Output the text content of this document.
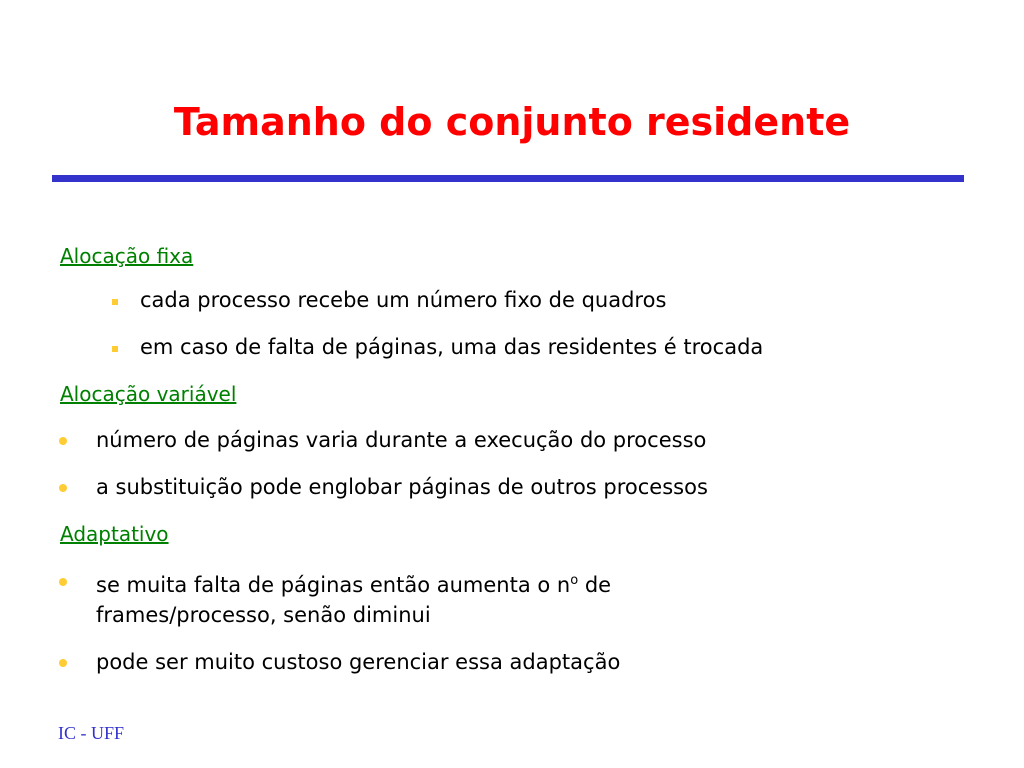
Tamanho do conjunto residente
Alocação fixa
cada processo recebe um número fixo de quadros
em caso de falta de páginas, uma das residentes é trocada
Alocação variável
número de páginas varia durante a execução do processo
a substituição pode englobar páginas de outros processos
Adaptativo
se muita falta de páginas então aumenta o $n^o$ de
frames/processo, senão diminui
pode ser muito custoso gerenciar essa adaptação
IC - UFF
